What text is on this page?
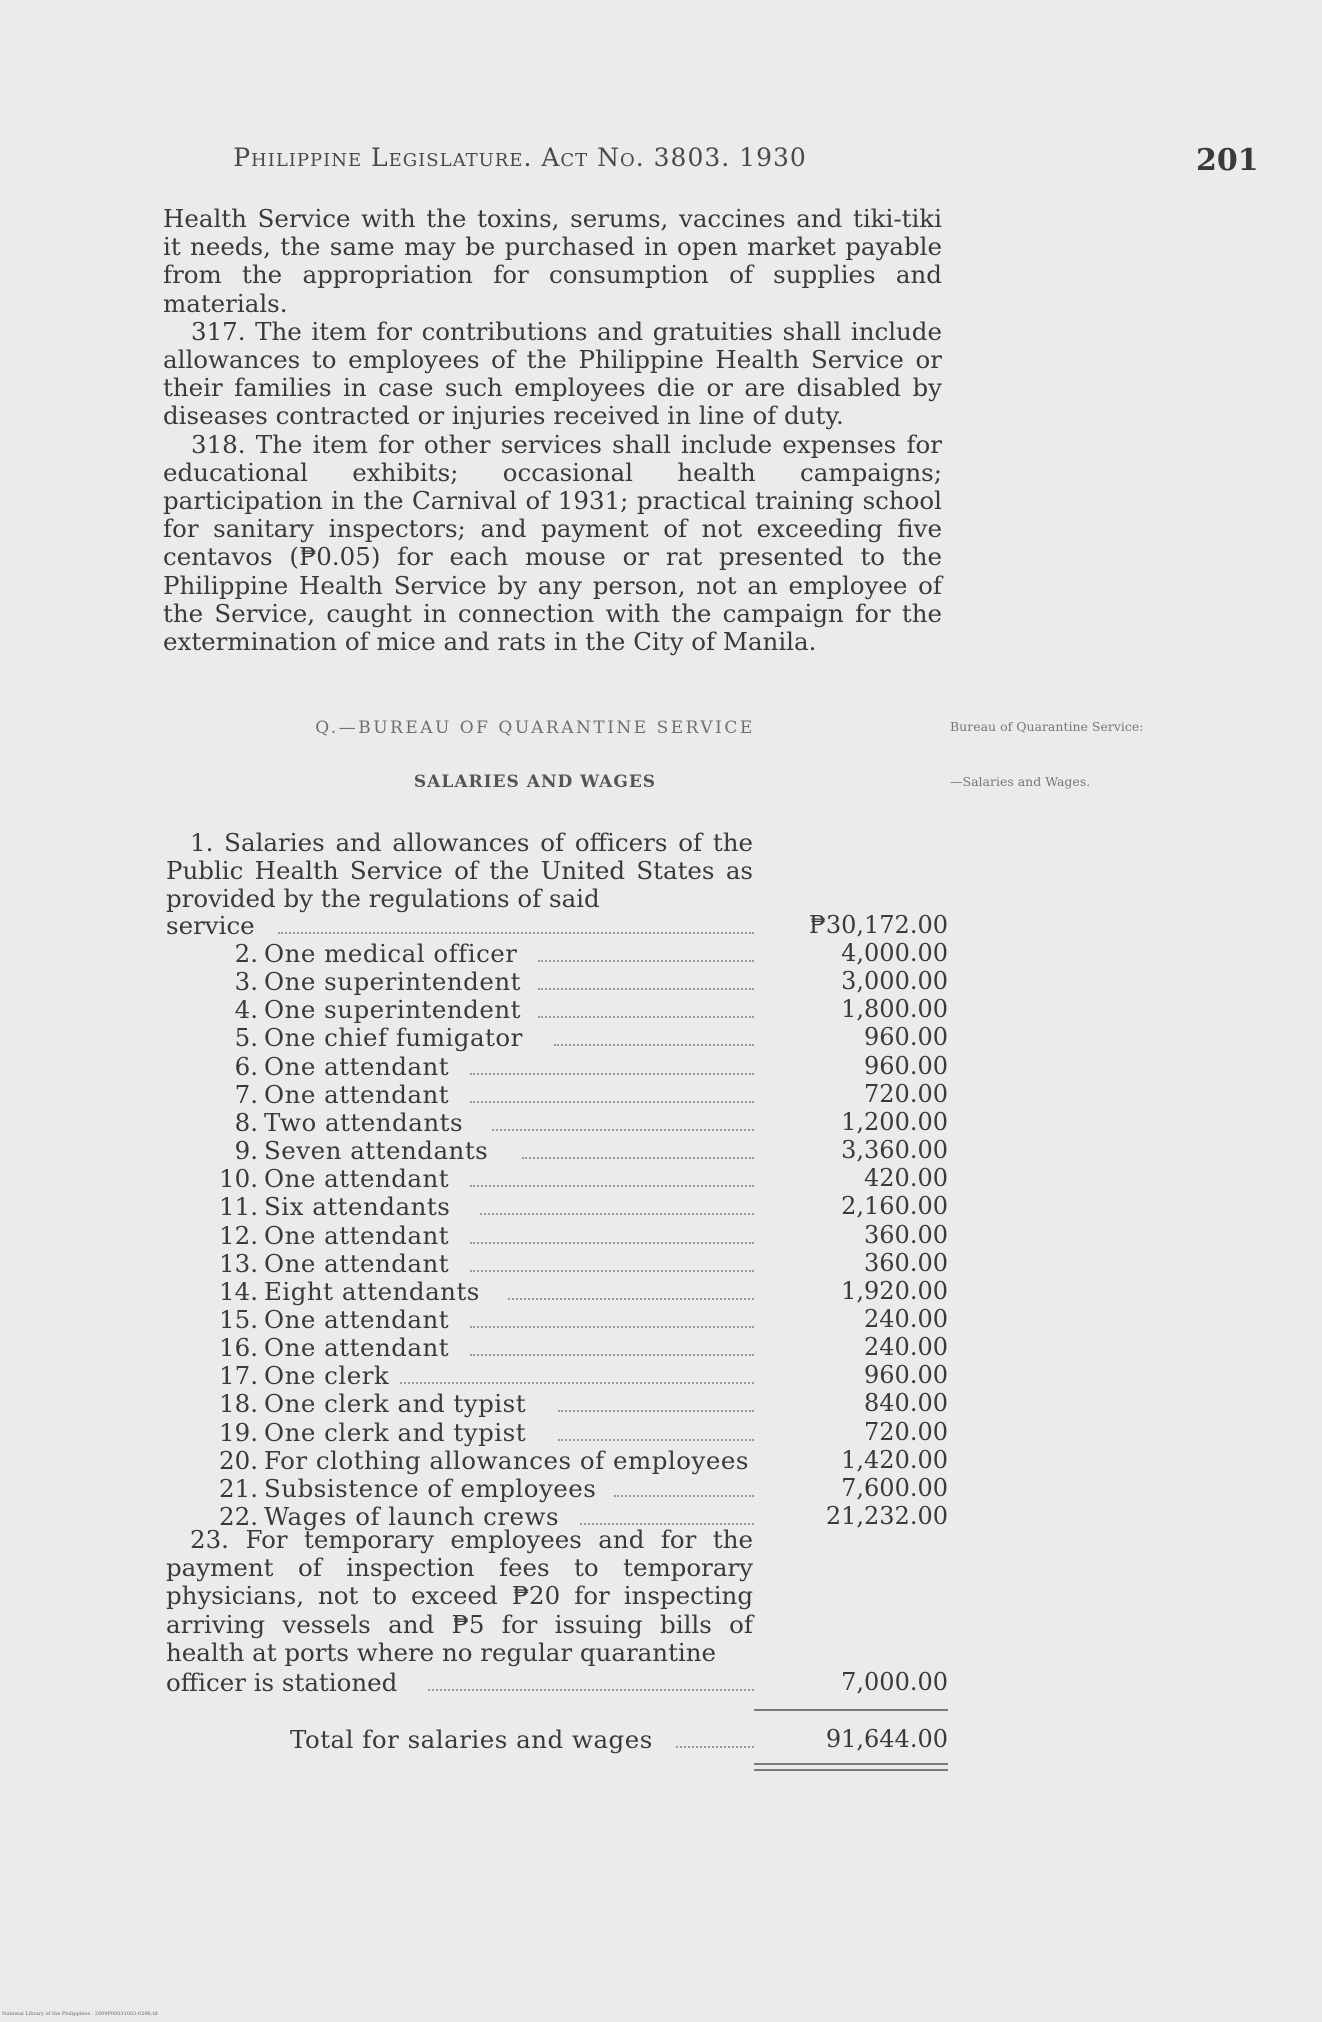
Philippine Legislature. Act No. 3803. 1930	201

Health Service with the toxins, serums, vaccines and tiki-tiki it needs, the same may be purchased in open market payable from the appropriation for consumption of supplies and materials.

317. The item for contributions and gratuities shall include allowances to employees of the Philippine Health Service or their families in case such employees die or are disabled by diseases contracted or injuries received in line of duty.

318. The item for other services shall include expenses for educational exhibits; occasional health campaigns; participation in the Carnival of 1931; practical training school for sanitary inspectors; and payment of not exceeding five centavos (₱0.05) for each mouse or rat presented to the Philippine Health Service by any person, not an employee of the Service, caught in connection with the campaign for the extermination of mice and rats in the City of Manila.

Q.—BUREAU OF QUARANTINE SERVICE
SALARIES AND WAGES
Bureau of Quarantine Service:
—Salaries and Wages.

1. Salaries and allowances of officers of the Public Health Service of the United States as provided by the regulations of said

service	₱30,172.00
2. One medical officer	4,000.00
3. One superintendent	3,000.00
4. One superintendent	1,800.00
5. One chief fumigator	960.00
6. One attendant	960.00
7. One attendant	720.00
8. Two attendants	1,200.00
9. Seven attendants	3,360.00
10. One attendant	420.00
11. Six attendants	2,160.00
12. One attendant	360.00
13. One attendant	360.00
14. Eight attendants	1,920.00
15. One attendant	240.00
16. One attendant	240.00
17. One clerk	960.00
18. One clerk and typist	840.00
19. One clerk and typist	720.00
20. For clothing allowances of employees	1,420.00
21. Subsistence of employees	7,600.00
22. Wages of launch crews	21,232.00

23. For temporary employees and for the payment of inspection fees to temporary physicians, not to exceed ₱20 for inspecting arriving vessels and ₱5 for issuing bills of health at ports where no regular quarantine

officer is stationed	7,000.00
Total for salaries and wages	91,644.00
National Library of the Philippines · 2009P00031002-0296.tif
